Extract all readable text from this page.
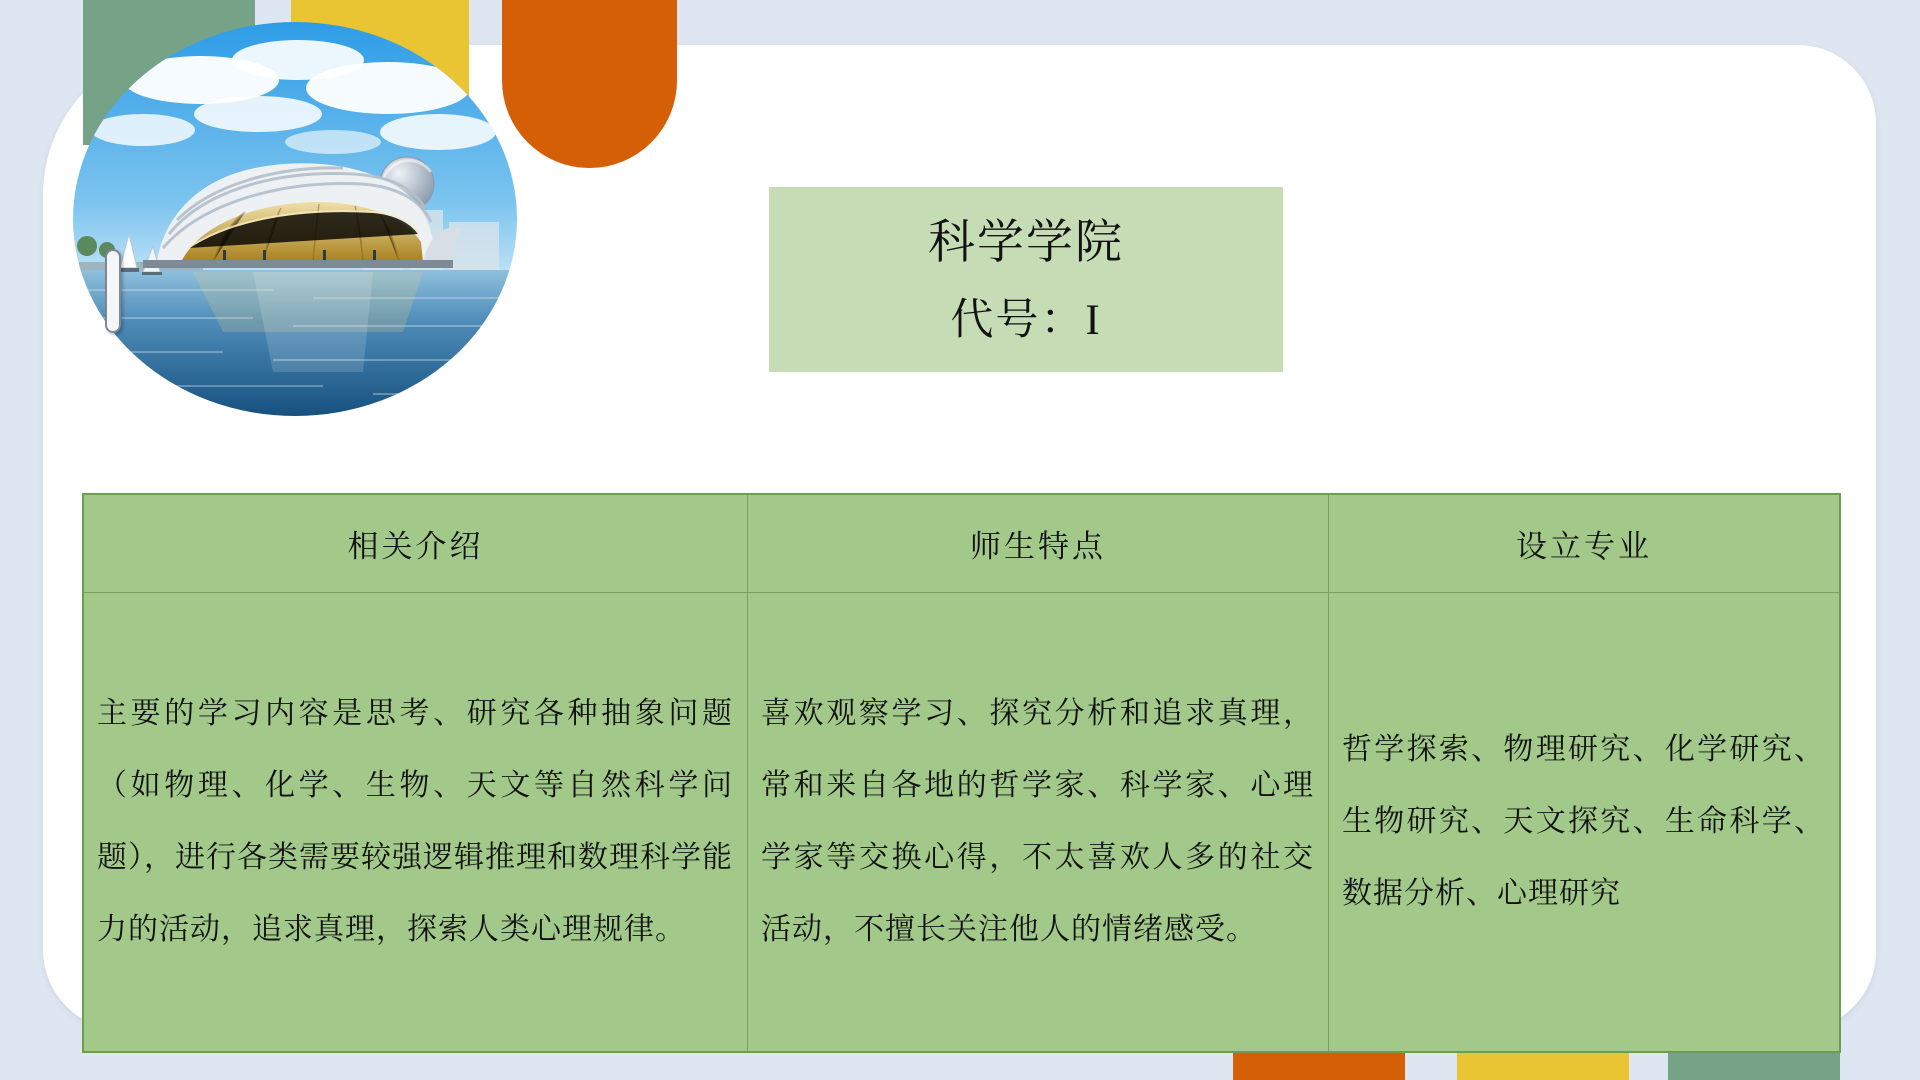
科学学院
代号：I
相关介绍	师生特点	设立专业

主要的学习内容是思考、研究各种抽象问题（如物理、化学、生物、天文等自然科学问题），进行各类需要较强逻辑推理和数理科学能力的活动，追求真理，探索人类心理规律。

喜欢观察学习、探究分析和追求真理，常和来自各地的哲学家、科学家、心理学家等交换心得，不太喜欢人多的社交活动，不擅长关注他人的情绪感受。

哲学探索、物理研究、化学研究、生物研究、天文探究、生命科学、数据分析、心理研究
